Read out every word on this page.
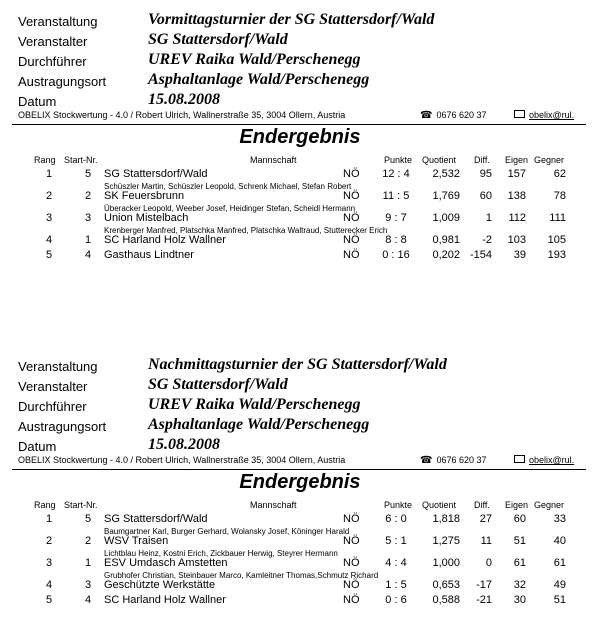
Veranstaltung	Vormittagsturnier der SG Stattersdorf/Wald
Veranstalter	SG Stattersdorf/Wald
Durchführer	UREV Raika Wald/Perschenegg
Austragungsort	Asphaltanlage Wald/Perschenegg
Datum	15.08.2008
OBELIX Stockwertung - 4.0 / Robert Ulrich, Wallnerstraße 35, 3004 Ollern, Austria	☎ 0676 620 37	obelix@rul.
Endergebnis
Rang Start-Nr.	Mannschaft	Punkte Quotient Diff. Eigen Gegner
1	5	SG Stattersdorf/Wald	NÖ	12 : 4	2,532	95	157	62
Schüszler Martin, Schüszler Leopold, Schrenk Michael, Stefan Robert
2	2	SK Feuersbrunn	NÖ	11 : 5	1,769	60	138	78
Überacker Leopold, Weeber Josef, Heidinger Stefan, Scheidl Hermann
3	3	Union Mistelbach	NÖ	9 : 7	1,009	1	112	111
Krenberger Manfred, Platschka Manfred, Platschka Waltraud, Stutterecker Erich
4	1	SC Harland Holz Wallner	NÖ	8 : 8	0,981	-2	103	105
5	4	Gasthaus Lindtner	NÖ	0 : 16	0,202 -154	39	193
Veranstaltung	Nachmittagsturnier der SG Stattersdorf/Wald
Veranstalter	SG Stattersdorf/Wald
Durchführer	UREV Raika Wald/Perschenegg
Austragungsort	Asphaltanlage Wald/Perschenegg
Datum	15.08.2008
OBELIX Stockwertung - 4.0 / Robert Ulrich, Wallnerstraße 35, 3004 Ollern, Austria	☎ 0676 620 37	obelix@rul.
Endergebnis
Rang Start-Nr.	Mannschaft	Punkte Quotient Diff. Eigen Gegner
1	5	SG Stattersdorf/Wald	NÖ	6 : 0	1,818	27	60	33
Baumgartner Karl, Burger Gerhard, Wolansky Josef, Köninger Harald
2	2	WSV Traisen	NÖ	5 : 1	1,275	11	51	40
Lichtblau Heinz, Kostni Erich, Zickbauer Herwig, Steyrer Hermann
3	1	ESV Umdasch Amstetten	NÖ	4 : 4	1,000	0	61	61
Grubhofer Christian, Steinbauer Marco, Kamleitner Thomas,Schmutz Richard
4	3	Geschützte Werkstätte	NÖ	1 : 5	0,653	-17	32	49
5	4	SC Harland Holz Wallner	NÖ	0 : 6	0,588	-21	30	51
